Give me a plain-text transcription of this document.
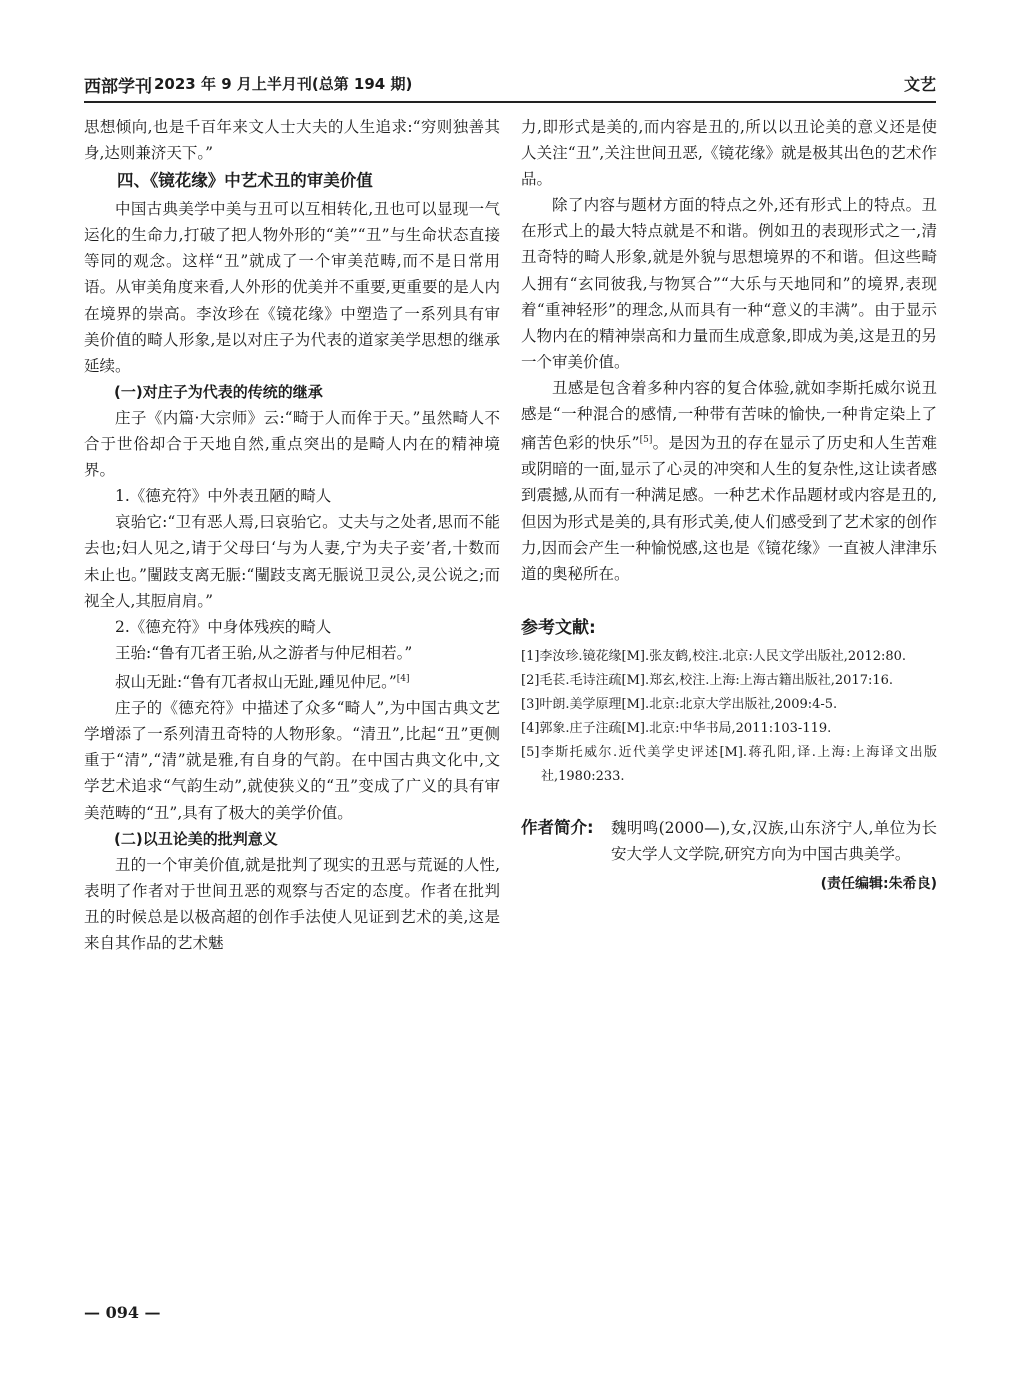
西部学刊 2023 年 9 月上半月刊(总第 194 期)	文艺

思想倾向,也是千百年来文人士大夫的人生追求:“穷则独善其身,达则兼济天下。”

四、《镜花缘》中艺术丑的审美价值

中国古典美学中美与丑可以互相转化,丑也可以显现一气运化的生命力,打破了把人物外形的“美”“丑”与生命状态直接等同的观念。这样“丑”就成了一个审美范畴,而不是日常用语。从审美角度来看,人外形的优美并不重要,更重要的是人内在境界的崇高。李汝珍在《镜花缘》中塑造了一系列具有审美价值的畸人形象,是以对庄子为代表的道家美学思想的继承延续。

(一)对庄子为代表的传统的继承

庄子《内篇·大宗师》云:“畸于人而侔于天。”虽然畸人不合于世俗却合于天地自然,重点突出的是畸人内在的精神境界。

1.《德充符》中外表丑陋的畸人

哀骀它:“卫有恶人焉,曰哀骀它。丈夫与之处者,思而不能去也;妇人见之,请于父母曰‘与为人妻,宁为夫子妾’者,十数而未止也。”闉跂支离无脤:“闉跂支离无脤说卫灵公,灵公说之;而视全人,其脰肩肩。”

2.《德充符》中身体残疾的畸人

王骀:“鲁有兀者王骀,从之游者与仲尼相若。”

叔山无趾:“鲁有兀者叔山无趾,踵见仲尼。”[4]

庄子的《德充符》中描述了众多“畸人”,为中国古典文艺学增添了一系列清丑奇特的人物形象。“清丑”,比起“丑”更侧重于“清”,“清”就是雅,有自身的气韵。在中国古典文化中,文学艺术追求“气韵生动”,就使狭义的“丑”变成了广义的具有审美范畴的“丑”,具有了极大的美学价值。

(二)以丑论美的批判意义

丑的一个审美价值,就是批判了现实的丑恶与荒诞的人性,表明了作者对于世间丑恶的观察与否定的态度。作者在批判丑的时候总是以极高超的创作手法使人见证到艺术的美,这是来自其作品的艺术魅

力,即形式是美的,而内容是丑的,所以以丑论美的意义还是使人关注“丑”,关注世间丑恶,《镜花缘》就是极其出色的艺术作品。

除了内容与题材方面的特点之外,还有形式上的特点。丑在形式上的最大特点就是不和谐。例如丑的表现形式之一,清丑奇特的畸人形象,就是外貌与思想境界的不和谐。但这些畸人拥有“玄同彼我,与物冥合”“大乐与天地同和”的境界,表现着“重神轻形”的理念,从而具有一种“意义的丰满”。由于显示人物内在的精神崇高和力量而生成意象,即成为美,这是丑的另一个审美价值。

丑感是包含着多种内容的复合体验,就如李斯托威尔说丑感是“一种混合的感情,一种带有苦味的愉快,一种肯定染上了痛苦色彩的快乐”[5]。是因为丑的存在显示了历史和人生苦难或阴暗的一面,显示了心灵的冲突和人生的复杂性,这让读者感到震撼,从而有一种满足感。一种艺术作品题材或内容是丑的,但因为形式是美的,具有形式美,使人们感受到了艺术家的创作力,因而会产生一种愉悦感,这也是《镜花缘》一直被人津津乐道的奥秘所在。

参考文献:

[1]李汝珍.镜花缘[M].张友鹤,校注.北京:人民文学出版社,2012:80.
[2]毛苌.毛诗注疏[M].郑玄,校注.上海:上海古籍出版社,2017:16.
[3]叶朗.美学原理[M].北京:北京大学出版社,2009:4-5.
[4]郭象.庄子注疏[M].北京:中华书局,2011:103-119.
[5]李斯托威尔.近代美学史评述[M].蒋孔阳,译.上海:上海译文出版社,1980:233.

作者简介: 魏明鸣(2000—),女,汉族,山东济宁人,单位为长安大学人文学院,研究方向为中国古典美学。

(责任编辑:朱希良)

— 094 —
